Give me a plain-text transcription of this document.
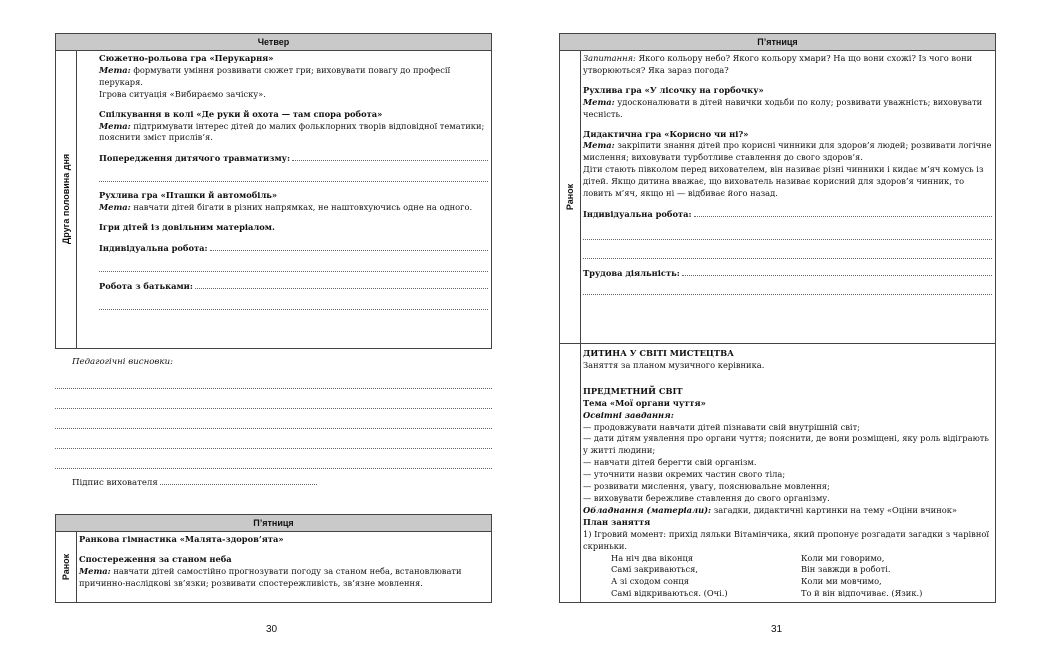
Четвер
Друга половина дня

Сюжетно-рольова гра «Перукарня»

Мета: формувати уміння розвивати сюжет гри; виховувати повагу до професії перукаря.

Ігрова ситуація «Вибираємо зачіску».

Спілкування в колі «Де руки й охота — там спора робота»

Мета: підтримувати інтерес дітей до малих фольклорних творів відповідної тематики; пояснити зміст прислів’я.

Попередження дитячого травматизму:

Рухлива гра «Пташки й автомобіль»

Мета: навчати дітей бігати в різних напрямках, не наштовхуючись одне на одного.

Ігри дітей із довільним матеріалом.

Індивідуальна робота:
Робота з батьками:
Педагогічні висновки:
Підпис вихователя
П’ятниця
Ранок

Ранкова гімнастика «Малята-здоров’ята»

Спостереження за станом неба

Мета: навчати дітей самостійно прогнозувати погоду за станом неба, встановлювати причинно-наслідкові зв’язки; розвивати спостережливість, зв’язне мовлення.

30
П’ятниця
Ранок

Запитання: Якого кольору небо? Якого кольору хмари? На що вони схожі? Із чого вони утворюються? Яка зараз погода?

Рухлива гра «У лісочку на горбочку»

Мета: удосконалювати в дітей навички ходьби по колу; розвивати уважність; виховувати чесність.

Дидактична гра «Корисно чи ні?»

Мета: закріпити знання дітей про корисні чинники для здоров’я людей; розвивати логічне мислення; виховувати турботливе ставлення до свого здоров’я.

Діти стають півколом перед вихователем, він називає різні чинники і кидає м’яч комусь із дітей. Якщо дитина вважає, що вихователь називає корисний для здоров’я чинник, то ловить м’яч, якщо ні — відбиває його назад.

Індивідуальна робота:
Трудова діяльність:

ДИТИНА У СВІТІ МИСТЕЦТВА

Заняття за планом музичного керівника.

ПРЕДМЕТНИЙ СВІТ

Тема «Мої органи чуття»

Освітні завдання:

— продовжувати навчати дітей пізнавати свій внутрішній світ;

— дати дітям уявлення про органи чуття; пояснити, де вони розміщені, яку роль відіграють у житті людини;

— навчати дітей берегти свій організм.

— уточнити назви окремих частин свого тіла;

— розвивати мислення, увагу, пояснювальне мовлення;

— виховувати бережливе ставлення до свого організму.

Обладнання (матеріали): загадки, дидактичні картинки на тему «Оціни вчинок»

План заняття

1) Ігровий момент: прихід ляльки Вітамінчика, який пропонує розгадати загадки з чарівної скриньки.

На ніч два віконця

Самі закриваються,

А зі сходом сонця

Самі відкриваються. (Очі.)

Коли ми говоримо,

Він завжди в роботі.

Коли ми мовчимо,

То й він відпочиває. (Язик.)

31
